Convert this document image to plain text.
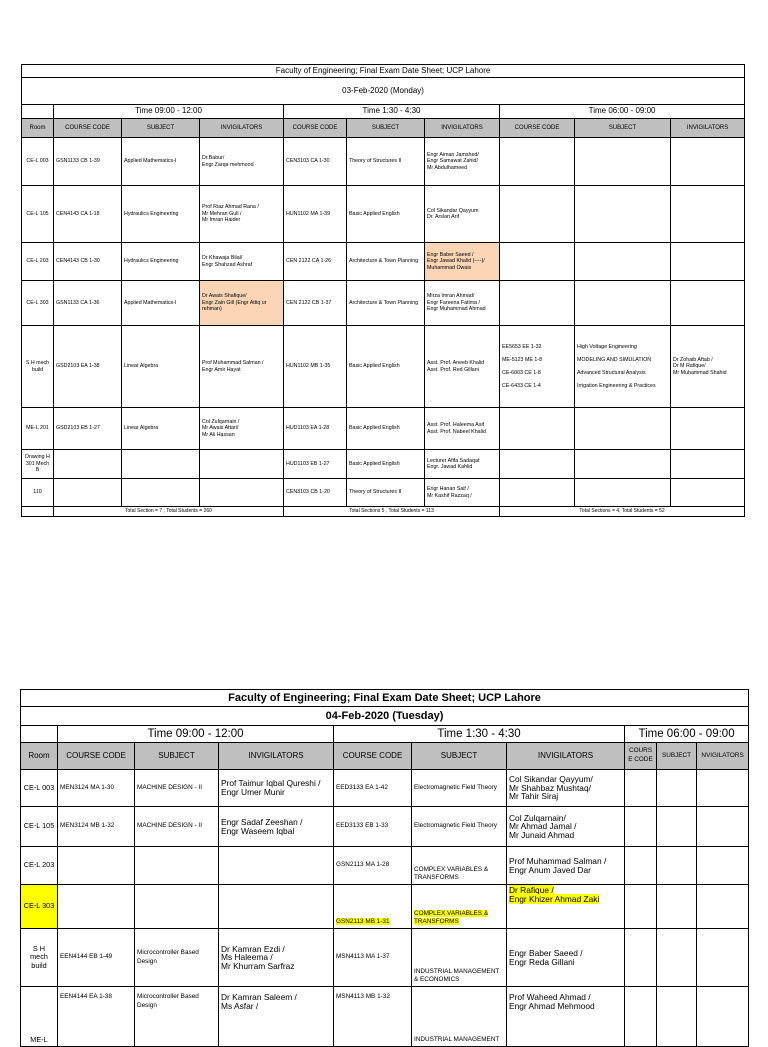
Faculty of Engineering; Final Exam Date Sheet; UCP Lahore									
03-Feb-2020 (Monday)									
	Time 09:00 - 12:00			Time 1:30 - 4:30			Time 06:00 - 09:00		
Room	COURSE CODE	SUBJECT	INVIGILATORS	COURSE CODE	SUBJECT	INVIGILATORS	COURSE CODE	SUBJECT	INVIGILATORS
CE-L 003	GSN1133 CB 1-39	Applied Mathematics-I	Dr.Babur/
Engr Zarqa mehmood	CEN3103 CA 1-30	Theory of Structures II	Engr Aiman Jamshed/
Engr Samawat Zahid/
Mr Abdulhameed			
CE-L 105	CEN4143 CA 1-18	Hydraulics Engineering	Prof Riaz Ahmad Rana /
Mr Mehran Gull /
Mr Imran Haider	HUN1102 MA 1-39	Basic Applied English	Col Sikandar Qayyum
Dr. Arslan Arif			
CE-L 203	CEN4143 CB 1-30	Hydraulics Engineering	Dr Khawaja Bilal/
Engr Shahzad Ashraf	CEN 2122 CA 1-26	Architecture & Town Planning	Engr Baber Saeed /
Engr Jawad Khalid (----)/
Muhammad Owais			
CE-L 303	GSN1133 CA 1-36	Applied Mathematics-I	Dr Awais Shafique/
Engr Zain Gill (Engr Attiq ur rehman)	CEN 2122 CB 1-37	Architecture & Town Planning	Mirza Imran Ahmad/
Engr Fareena Fatima /
Engr Muhammad Ahmad			
S H mech build	GSD2103 EA 1-38	Linear Algebra	Prof Muhammad Salman /
Engr Amir Hayat	HUN1102 MB 1-35	Basic Applied English	Asst. Prof. Aneeb Khalid
Asst. Prof. Red Gillani	EE5653 EE 1-32

ME-5123 ME 1-8

CE-6003 CE 1-8

CE-6433 CE 1-4	High Voltage Engineering

MODELING AND SIMULATION

Advanced Structural Analysis

Irrigation Engineering & Practices	Dr Zohaib Aftab /
Dr M Rafique/
Mr Muhammad Shahid
ME-L 201	GSD2103 EB 1-27	Linear Algebra	Col Zulqarnain /
Mr Awais Attari/
Mr Ali Hassan	HUD1103 EA 1-28	Basic Applied English	Asst. Prof. Haleema Asif
Asst. Prof. Nabeel Khalid			
Drawing H 301 Mech B				HUD1103 EB 1-27	Basic Applied English	Lecturer Afifa Sadaqat
Engr. Jawad Kahlid			
110				CEN3103 CB 1-20	Theory of Structures II	Engr Hanan Saif /
Mr Kashif Razzaq /			
	Total Section = 7 , Total Students = 260			Total Sections 5 , Total Students = 113			Total Sections = 4, Total Students = 52		
Faculty of Engineering; Final Exam Date Sheet; UCP Lahore									
04-Feb-2020 (Tuesday)									
	Time 09:00 - 12:00			Time 1:30 - 4:30			Time 06:00 - 09:00		
Room	COURSE CODE	SUBJECT	INVIGILATORS	COURSE CODE	SUBJECT	INVIGILATORS	COURS E CODE	SUBJECT	NVIGILATORS
CE-L 003	MEN3124 MA 1-30	MACHINE DESIGN - II	Prof Taimur Iqbal Qureshi /
Engr Umer Munir	EED3133 EA 1-42	Electromagnetic Field Theory	Col Sikandar Qayyum/
Mr Shahbaz Mushtaq/
Mr Tahir Siraj			
CE-L 105	MEN3124 MB 1-32	MACHINE DESIGN - II	Engr Sadaf Zeeshan /
Engr Waseem Iqbal	EED3133 EB 1-33	Electromagnetic Field Theory	Col Zulqarnain/
Mr Ahmad Jamal /
Mr Junaid Ahmad			
CE-L 203				GSN2113 MA 1-28	COMPLEX VARIABLES & TRANSFORMS	Prof Muhammad Salman /
Engr Anum Javed Dar			
CE-L 303				GSN2113 MB 1-31	COMPLEX VARIABLES & TRANSFORMS	Dr Rafique /
Engr Khizer Ahmad Zaki			
S H mech build	EEN4144 EB 1-49	Microcontroller Based Design	Dr Kamran Ezdi /
Ms Haleema /
Mr Khurram Sarfraz	MSN4113 MA 1-37	INDUSTRIAL MANAGEMENT & ECONOMICS	Engr Baber Saeed /
Engr Reda Gillani			
ME-L	EEN4144 EA 1-38	Microcontroller Based Design	Dr Kamran Saleem /
Ms Asfar /	MSN4113 MB 1-32	INDUSTRIAL MANAGEMENT	Prof Waheed Ahmad /
Engr Ahmad Mehmood			
